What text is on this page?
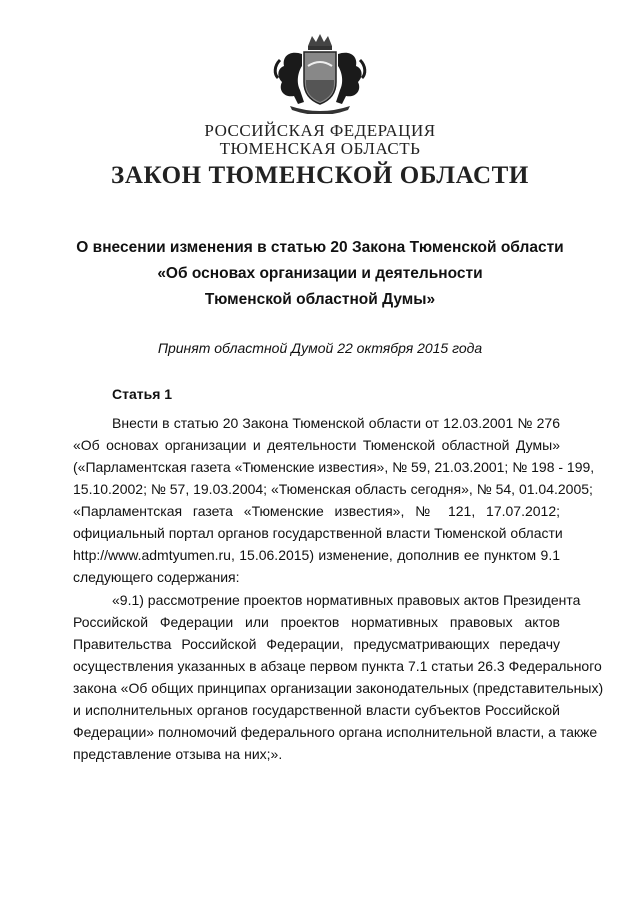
РОССИЙСКАЯ ФЕДЕРАЦИЯ
ТЮМЕНСКАЯ ОБЛАСТЬ
ЗАКОН ТЮМЕНСКОЙ ОБЛАСТИ
О внесении изменения в статью 20 Закона Тюменской области
«Об основах организации и деятельности
Тюменской областной Думы»
Принят областной Думой 22 октября 2015 года
Статья 1
Внести в статью 20 Закона Тюменской области от 12.03.2001 № 276
«Об основах организации и деятельности Тюменской областной Думы»
(«Парламентская газета «Тюменские известия», № 59, 21.03.2001; № 198 - 199,
15.10.2002; № 57, 19.03.2004; «Тюменская область сегодня», № 54, 01.04.2005;
«Парламентская газета «Тюменские известия», № 121, 17.07.2012;
официальный портал органов государственной власти Тюменской области
http://www.admtyumen.ru, 15.06.2015) изменение, дополнив ее пунктом 9.1
следующего содержания:
«9.1) рассмотрение проектов нормативных правовых актов Президента
Российской Федерации или проектов нормативных правовых актов
Правительства Российской Федерации, предусматривающих передачу
осуществления указанных в абзаце первом пункта 7.1 статьи 26.3 Федерального
закона «Об общих принципах организации законодательных (представительных)
и исполнительных органов государственной власти субъектов Российской
Федерации» полномочий федерального органа исполнительной власти, а также
представление отзыва на них;».
